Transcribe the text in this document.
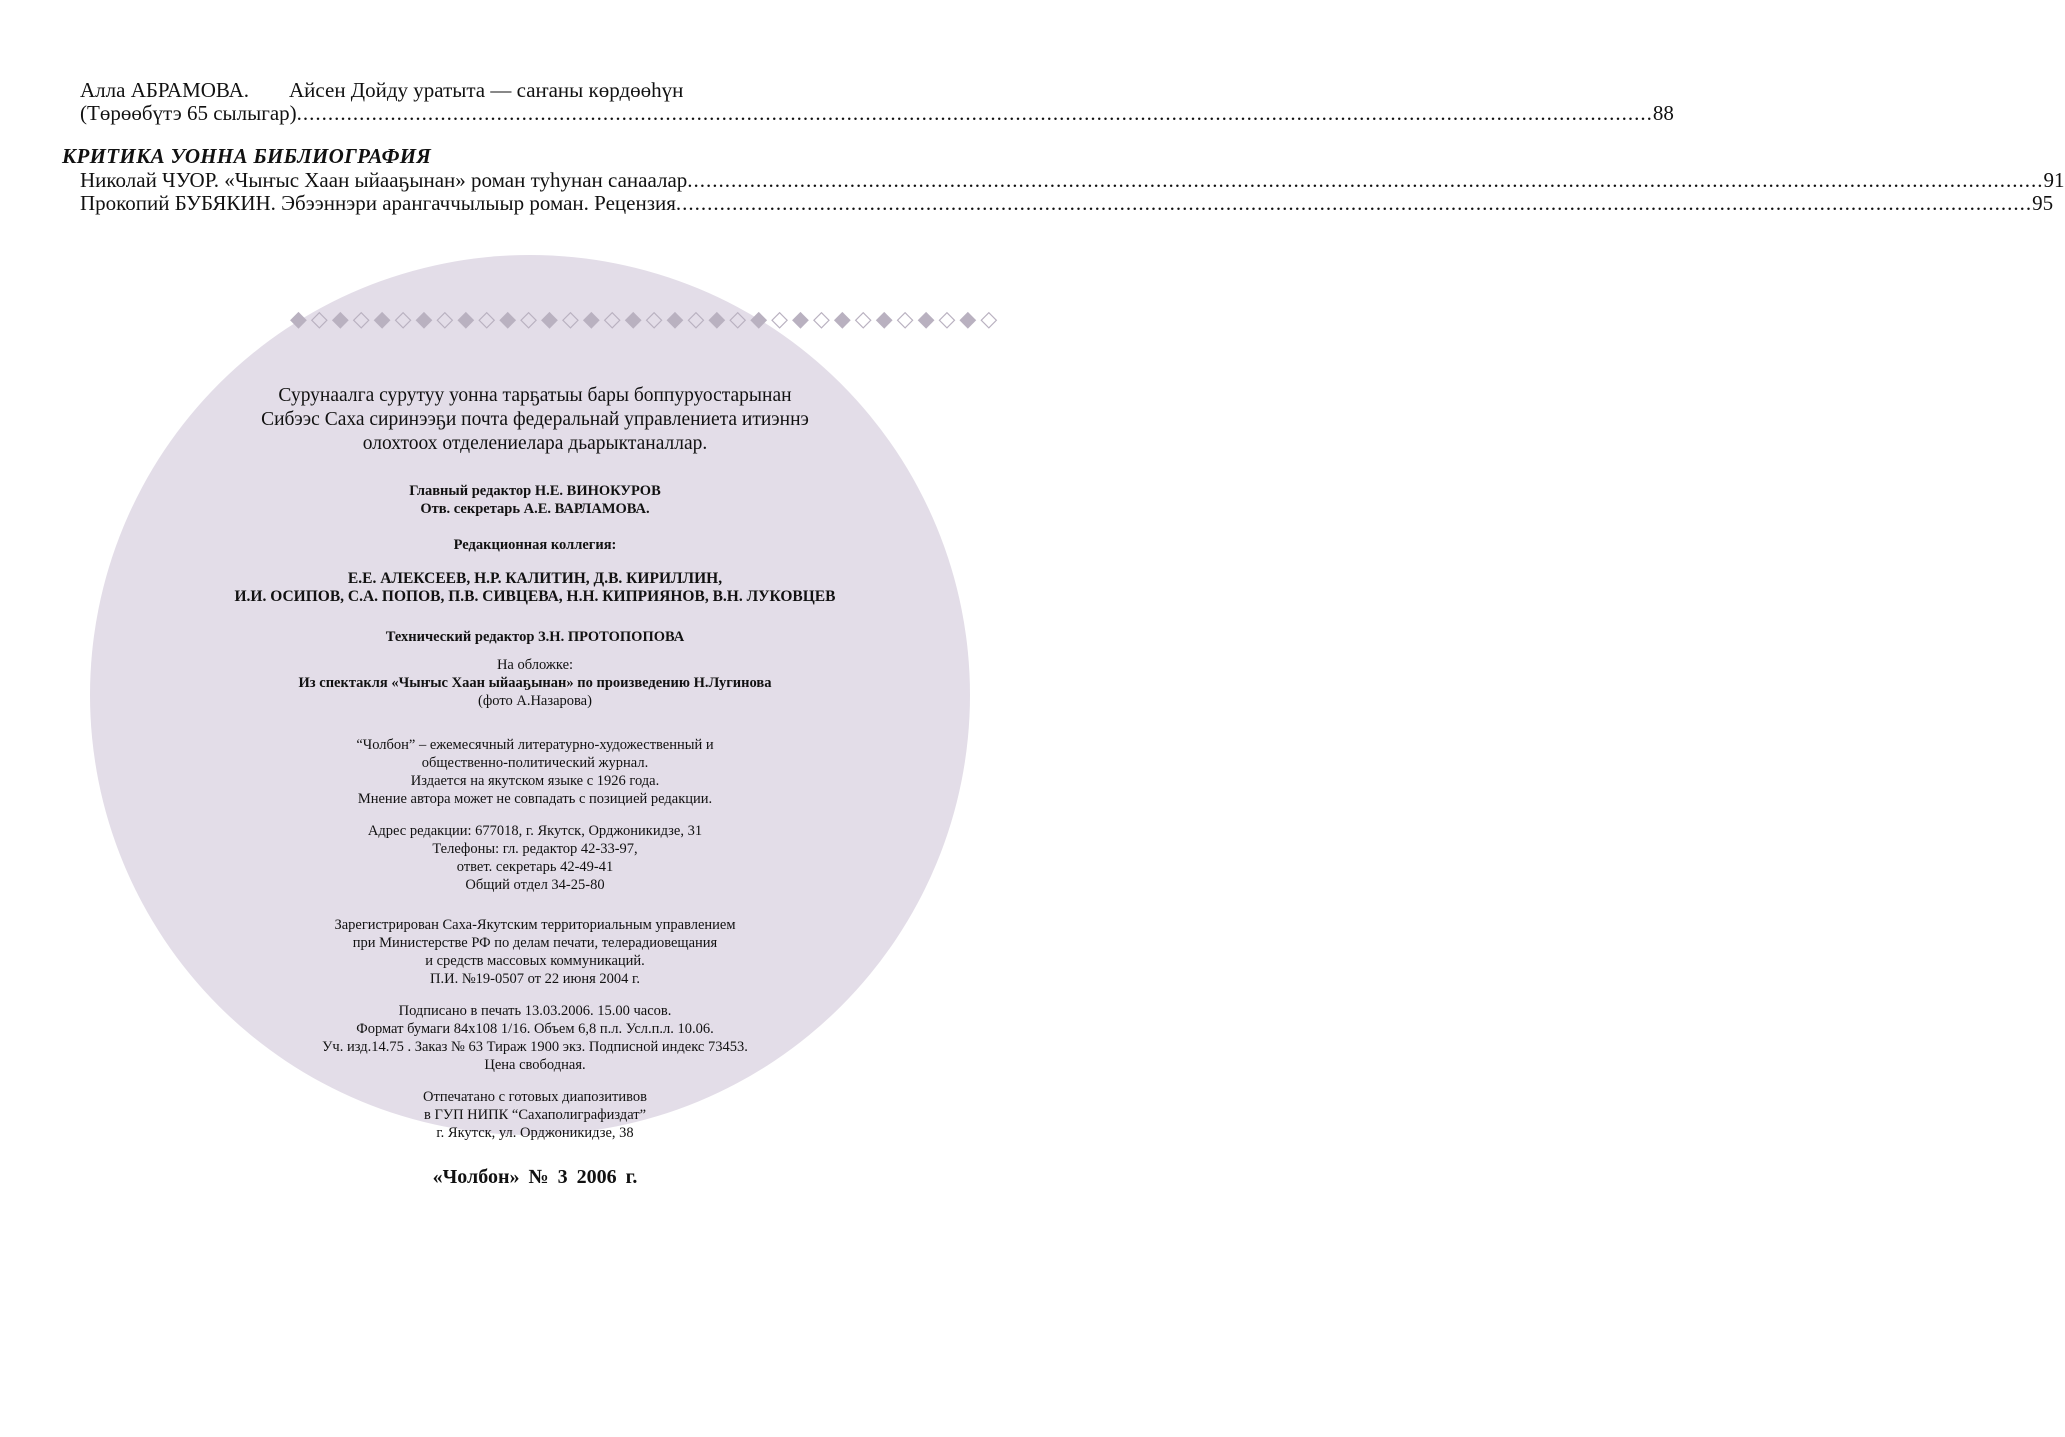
Алла АБРАМОВА. Айсен Дойду уратыта — саҥаны көрдөөһүн
(Төрөөбүтэ 65 сылыгар) ......................................................................................................................................................................................................................... 88
КРИТИКА УОННА БИБЛИОГРАФИЯ
Николай ЧУОР. «Чыҥыс Хаан ыйааҕынан» роман туһунан санаалар ......................................................................................................................................................................................................................... 91
Прокопий БУБЯКИН. Эбээннэри арангаччылыыр роман. Рецензия ......................................................................................................................................................................................................................... 95
◆◇◆◇◆◇◆◇◆◇◆◇◆◇◆◇◆◇◆◇◆◇◆◇◆◇◆◇◆◇◆◇◆◇
Сурунаалга сурутуу уонна тарҕатыы бары боппуруостарынан
Сибээс Саха сиринээҕи почта федеральнай управлениета итиэннэ
олохтоох отделениелара дьарыктаналлар.
Главный редактор Н.Е. ВИНОКУРОВ
Отв. секретарь А.Е. ВАРЛАМОВА.
Редакционная коллегия:
Е.Е. АЛЕКСЕЕВ, Н.Р. КАЛИТИН, Д.В. КИРИЛЛИН,
И.И. ОСИПОВ, С.А. ПОПОВ, П.В. СИВЦЕВА, Н.Н. КИПРИЯНОВ, В.Н. ЛУКОВЦЕВ
Технический редактор З.Н. ПРОТОПОПОВА
На обложке:
Из спектакля «Чыҥыс Хаан ыйааҕынан» по произведению Н.Лугинова
(фото А.Назарова)
“Чолбон” – ежемесячный литературно-художественный и
общественно-политический журнал.
Издается на якутском языке с 1926 года.
Мнение автора может не совпадать с позицией редакции.
Адрес редакции: 677018, г. Якутск, Орджоникидзе, 31
Телефоны: гл. редактор 42-33-97,
ответ. секретарь 42-49-41
Общий отдел 34-25-80
Зарегистрирован Саха-Якутским территориальным управлением
при Министерстве РФ по делам печати, телерадиовещания
и средств массовых коммуникаций.
П.И. №19-0507 от 22 июня 2004 г.
Подписано в печать 13.03.2006. 15.00 часов.
Формат бумаги 84х108 1/16. Объем 6,8 п.л. Усл.п.л. 10.06.
Уч. изд.14.75 . Заказ № 63 Тираж 1900 экз. Подписной индекс 73453.
Цена свободная.
Отпечатано с готовых диапозитивов
в ГУП НИПК “Сахаполиграфиздат”
г. Якутск, ул. Орджоникидзе, 38
«Чолбон» № 3 2006 г.
